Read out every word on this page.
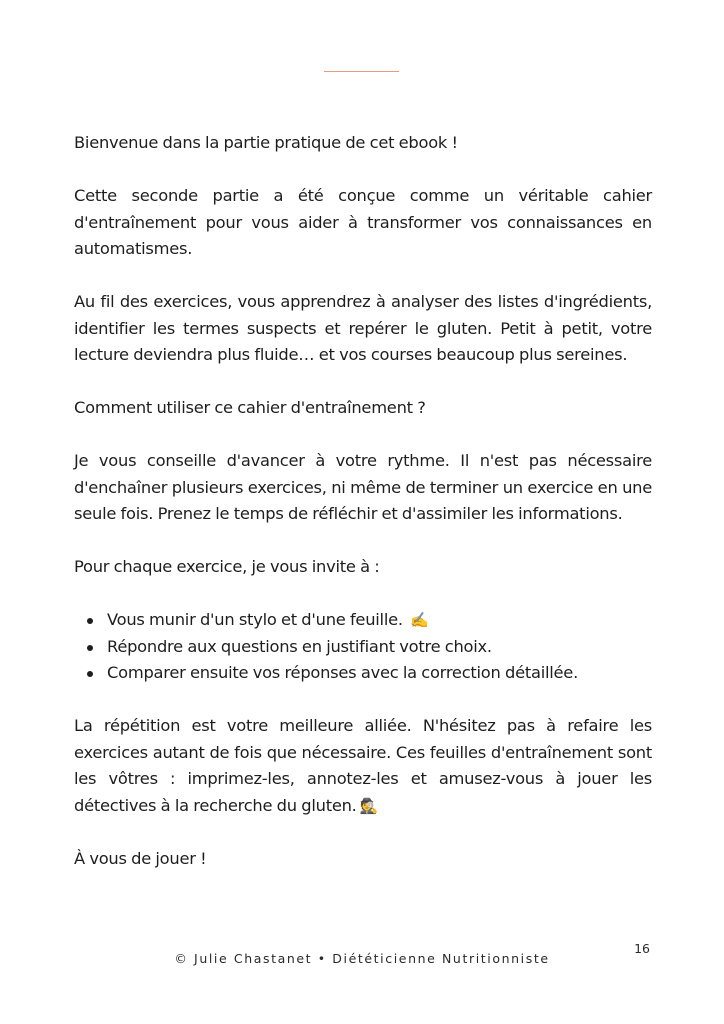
Bienvenue dans la partie pratique de cet ebook !

Cette seconde partie a été conçue comme un véritable cahier d'entraînement pour vous aider à transformer vos connaissances en automatismes.

Au fil des exercices, vous apprendrez à analyser des listes d'ingrédients, identifier les termes suspects et repérer le gluten. Petit à petit, votre lecture deviendra plus fluide… et vos courses beaucoup plus sereines.

Comment utiliser ce cahier d'entraînement ?

Je vous conseille d'avancer à votre rythme. Il n'est pas nécessaire d'enchaîner plusieurs exercices, ni même de terminer un exercice en une seule fois. Prenez le temps de réfléchir et d'assimiler les informations.

Pour chaque exercice, je vous invite à :

Vous munir d'un stylo et d'une feuille. ✍️
Répondre aux questions en justifiant votre choix.
Comparer ensuite vos réponses avec la correction détaillée.

La répétition est votre meilleure alliée. N'hésitez pas à refaire les exercices autant de fois que nécessaire. Ces feuilles d'entraînement sont les vôtres : imprimez-les, annotez-les et amusez-vous à jouer les détectives à la recherche du gluten. 🕵️

À vous de jouer !

16
© Julie Chastanet • Diététicienne Nutritionniste
